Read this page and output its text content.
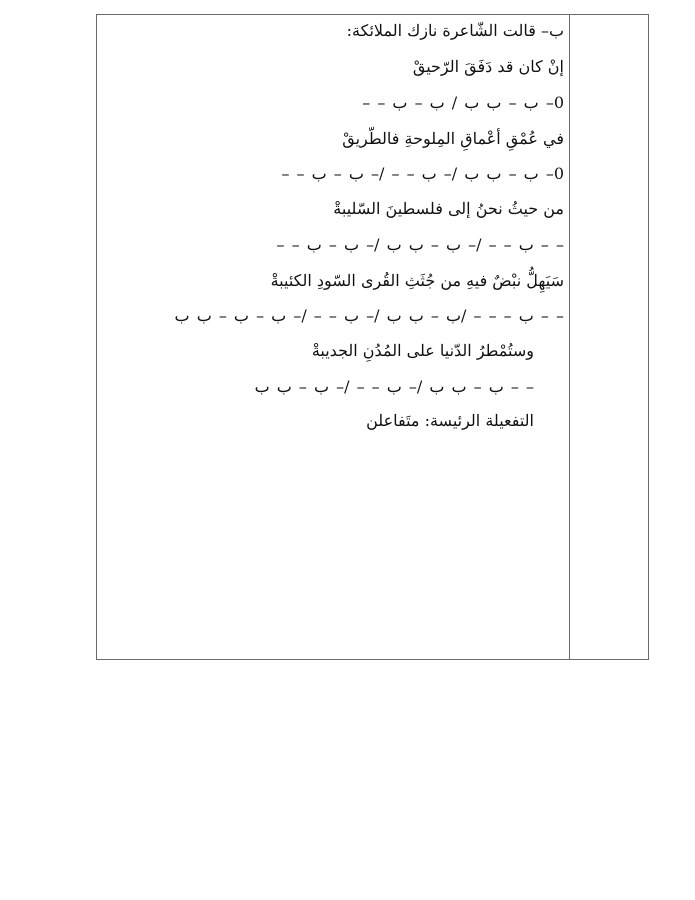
ب– قالت الشّاعرة نازك الملائكة:
إنْ كان قد دَفَقَ الرّحيقْ
0– ب – ب ب / ب – ب – –
في عُمْقِ أعْماقِ المِلوحةِ فالطّريقْ
0– ب – ب ب /– ب – – /– ب – ب – –
من حيثُ نحنُ إلى فلسطينَ السّليبةْ
– – ب – – /– ب – ب ب /– ب – ب – –
سَيَهِلُّ نبْضٌ فيهِ من جُثَثِ القُرى السّودِ الكئيبةْ
– – ب – – – /ب – ب ب /– ب – – /– ب – ب – ب ب
وستُمْطرُ الدّنيا على المُدُنِ الجديبةْ
– – ب – ب ب /– ب – – /– ب – ب ب
التفعيلة الرئيسة: متَفاعلن
